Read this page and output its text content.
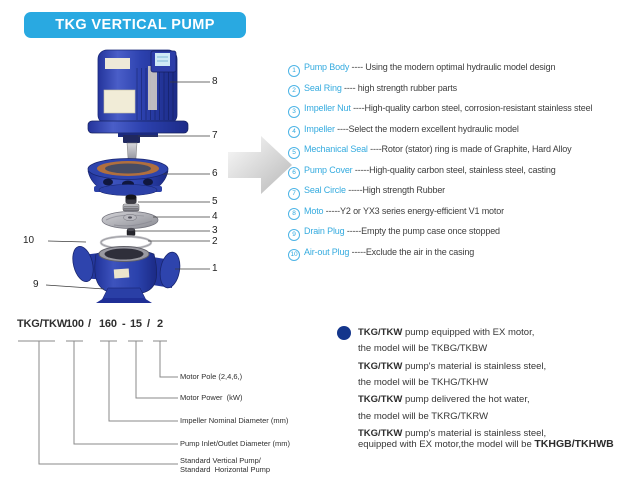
TKG VERTICAL PUMP
8
7
6
5
4
3
2
1
10
9
1 Pump Body ---- Using the modern optimal hydraulic model design
2 Seal Ring ---- high strength rubber parts
3 Impeller Nut ----High-quality carbon steel, corrosion-resistant stainless steel
4 Impeller ----Select the modern excellent hydraulic model
5 Mechanical Seal ----Rotor (stator) ring is made of Graphite, Hard Alloy
6 Pump Cover -----High-quality carbon steel, stainless steel, casting
7 Seal Circle -----High strength Rubber
8 Moto -----Y2 or YX3 series energy-efficient V1 motor
9 Drain Plug -----Empty the pump case once stopped
10 Air-out Plug -----Exclude the air in the casing
TKG/TKW 100 / 160 - 15 / 2
Motor Pole (2,4,6,)
Motor Power  (kW)
Impeller Nominal Diameter (mm)
Pump Inlet/Outlet Diameter (mm)
Standard Vertical Pump/
Standard  Horizontal Pump
TKG/TKW pump equipped with EX motor,
the model will be TKBG/TKBW
TKG/TKW pump's material is stainless steel,
the model will be TKHG/TKHW
TKG/TKW pump delivered the hot water,
the model will be TKRG/TKRW
TKG/TKW pump's material is stainless steel,
equipped with EX motor,the model will be TKHGB/TKHWB
